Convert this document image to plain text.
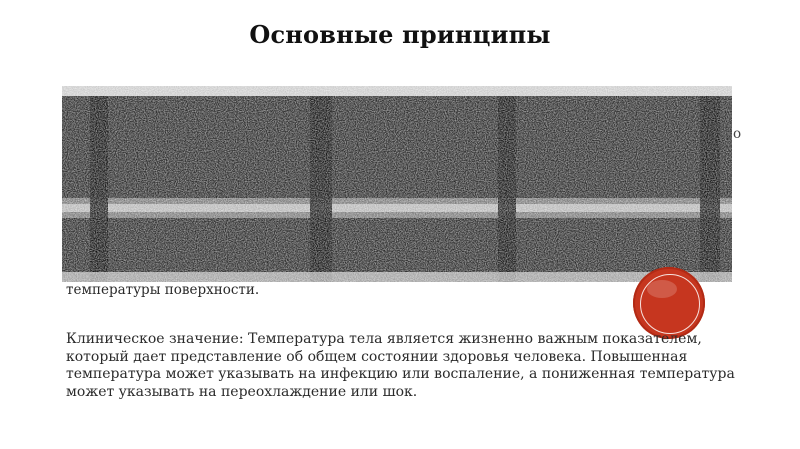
Основные принципы
о
температуры поверхности.
Клиническое значение: Температура тела является жизненно важным показателем, который дает представление об общем состоянии здоровья человека. Повышенная температура может указывать на инфекцию или воспаление, а пониженная температура может указывать на переохлаждение или шок.
